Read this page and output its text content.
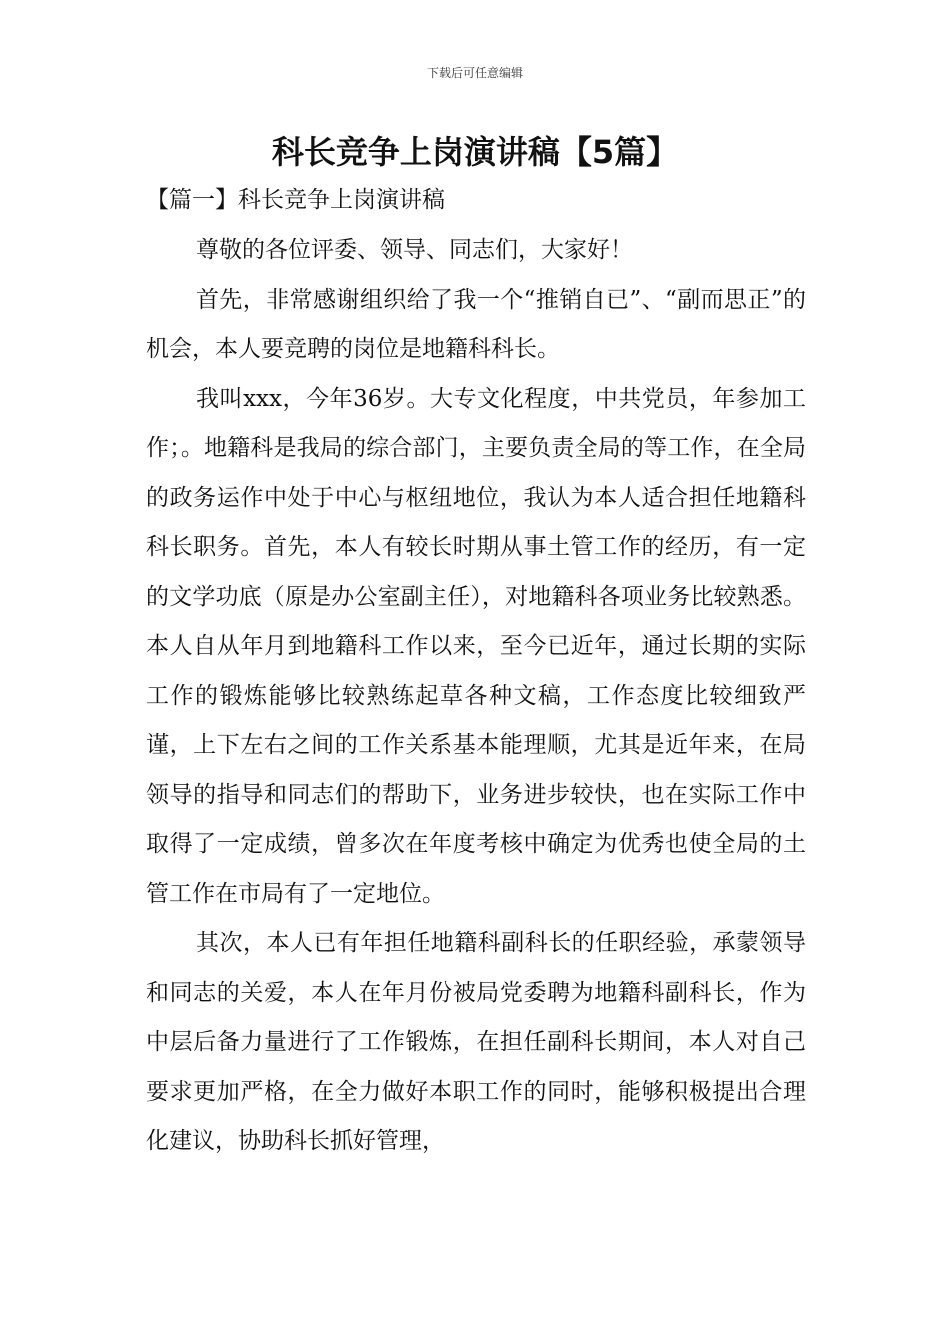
下载后可任意编辑
科长竞争上岗演讲稿【5篇】
【篇一】科长竞争上岗演讲稿

尊敬的各位评委、领导、同志们，大家好！

首先，非常感谢组织给了我一个“推销自已”、“副而思正”的机会，本人要竞聘的岗位是地籍科科长。

我叫xxx，今年36岁。大专文化程度，中共党员，年参加工作；。地籍科是我局的综合部门，主要负责全局的等工作，在全局的政务运作中处于中心与枢纽地位，我认为本人适合担任地籍科科长职务。首先，本人有较长时期从事土管工作的经历，有一定的文学功底（原是办公室副主任），对地籍科各项业务比较熟悉。本人自从年月到地籍科工作以来，至今已近年，通过长期的实际工作的锻炼能够比较熟练起草各种文稿，工作态度比较细致严谨，上下左右之间的工作关系基本能理顺，尤其是近年来，在局领导的指导和同志们的帮助下，业务进步较快，也在实际工作中取得了一定成绩，曾多次在年度考核中确定为优秀也使全局的土管工作在市局有了一定地位。

其次，本人已有年担任地籍科副科长的任职经验，承蒙领导和同志的关爱，本人在年月份被局党委聘为地籍科副科长，作为中层后备力量进行了工作锻炼，在担任副科长期间，本人对自己要求更加严格，在全力做好本职工作的同时，能够积极提出合理化建议，协助科长抓好管理，
